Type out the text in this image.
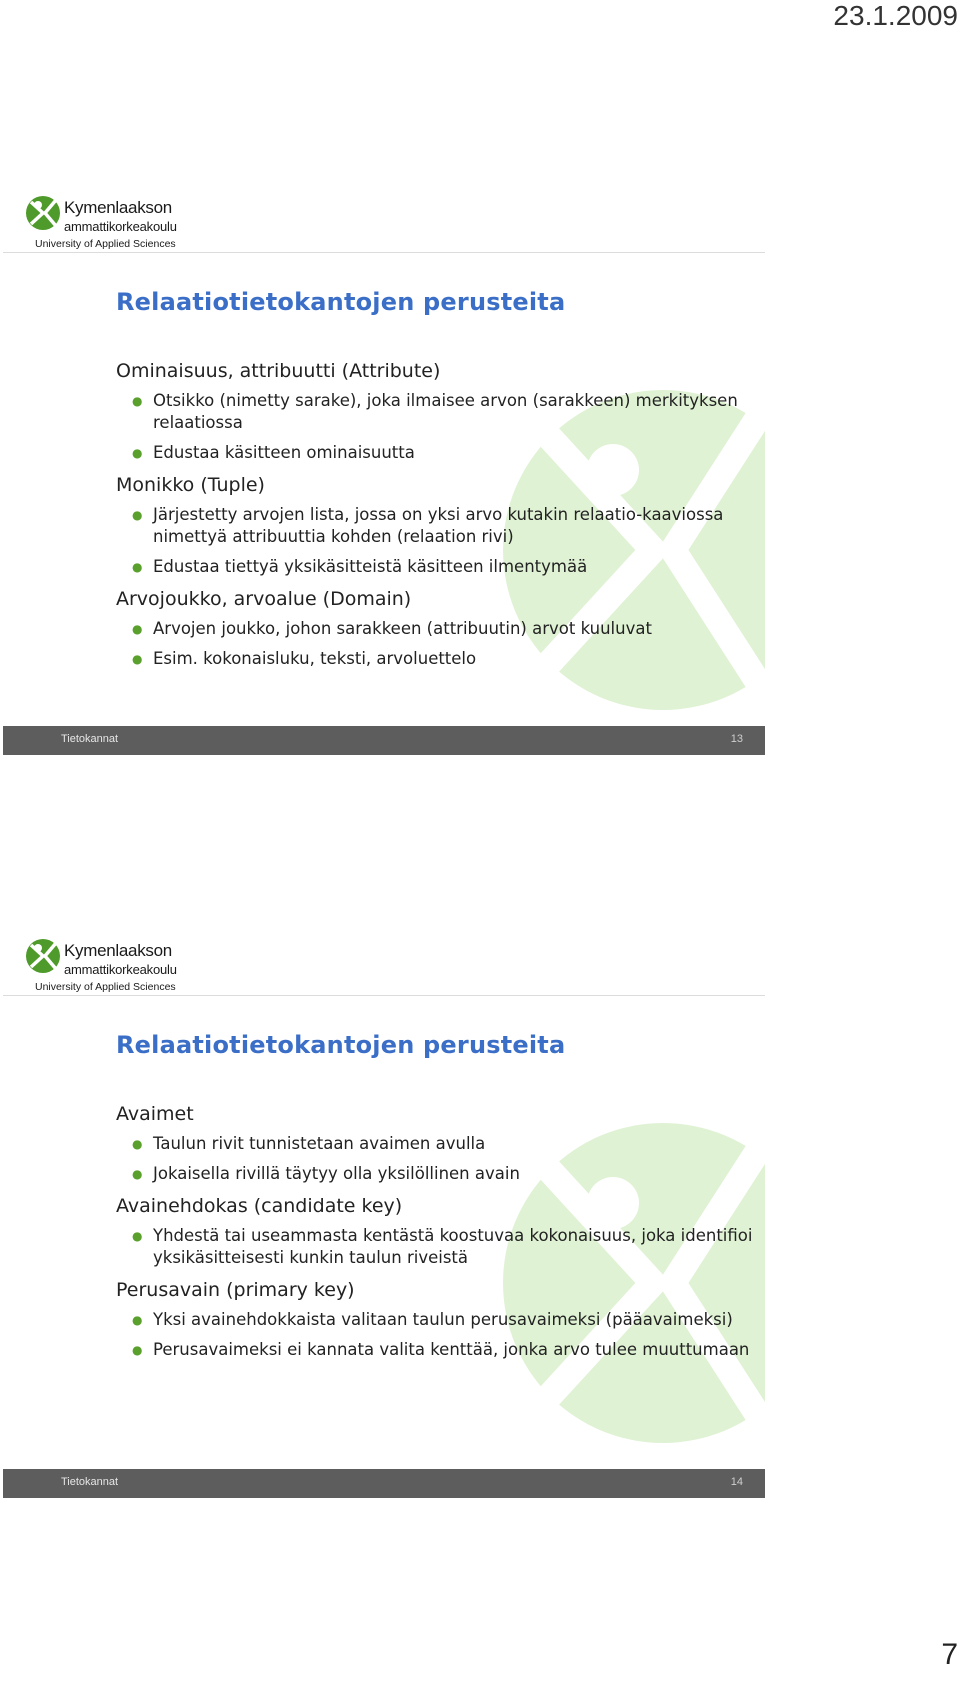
23.1.2009
Kymenlaakson
ammattikorkeakoulu
University of Applied Sciences
Relaatiotietokantojen perusteita
Ominaisuus, attribuutti (Attribute)
● Otsikko (nimetty sarake), joka ilmaisee arvon (sarakkeen) merkityksen relaatiossa
● Edustaa käsitteen ominaisuutta
Monikko (Tuple)
● Järjestetty arvojen lista, jossa on yksi arvo kutakin relaatio-kaaviossa nimettyä attribuuttia kohden (relaation rivi)
● Edustaa tiettyä yksikäsitteistä käsitteen ilmentymää
Arvojoukko, arvoalue (Domain)
● Arvojen joukko, johon sarakkeen (attribuutin) arvot kuuluvat
● Esim. kokonaisluku, teksti, arvoluettelo
Tietokannat	13
Kymenlaakson
ammattikorkeakoulu
University of Applied Sciences
Relaatiotietokantojen perusteita
Avaimet
● Taulun rivit tunnistetaan avaimen avulla
● Jokaisella rivillä täytyy olla yksilöllinen avain
Avainehdokas (candidate key)
● Yhdestä tai useammasta kentästä koostuvaa kokonaisuus, joka identifioi yksikäsitteisesti kunkin taulun riveistä
Perusavain (primary key)
● Yksi avainehdokkaista valitaan taulun perusavaimeksi (pääavaimeksi)
● Perusavaimeksi ei kannata valita kenttää, jonka arvo tulee muuttumaan
Tietokannat	14
7
